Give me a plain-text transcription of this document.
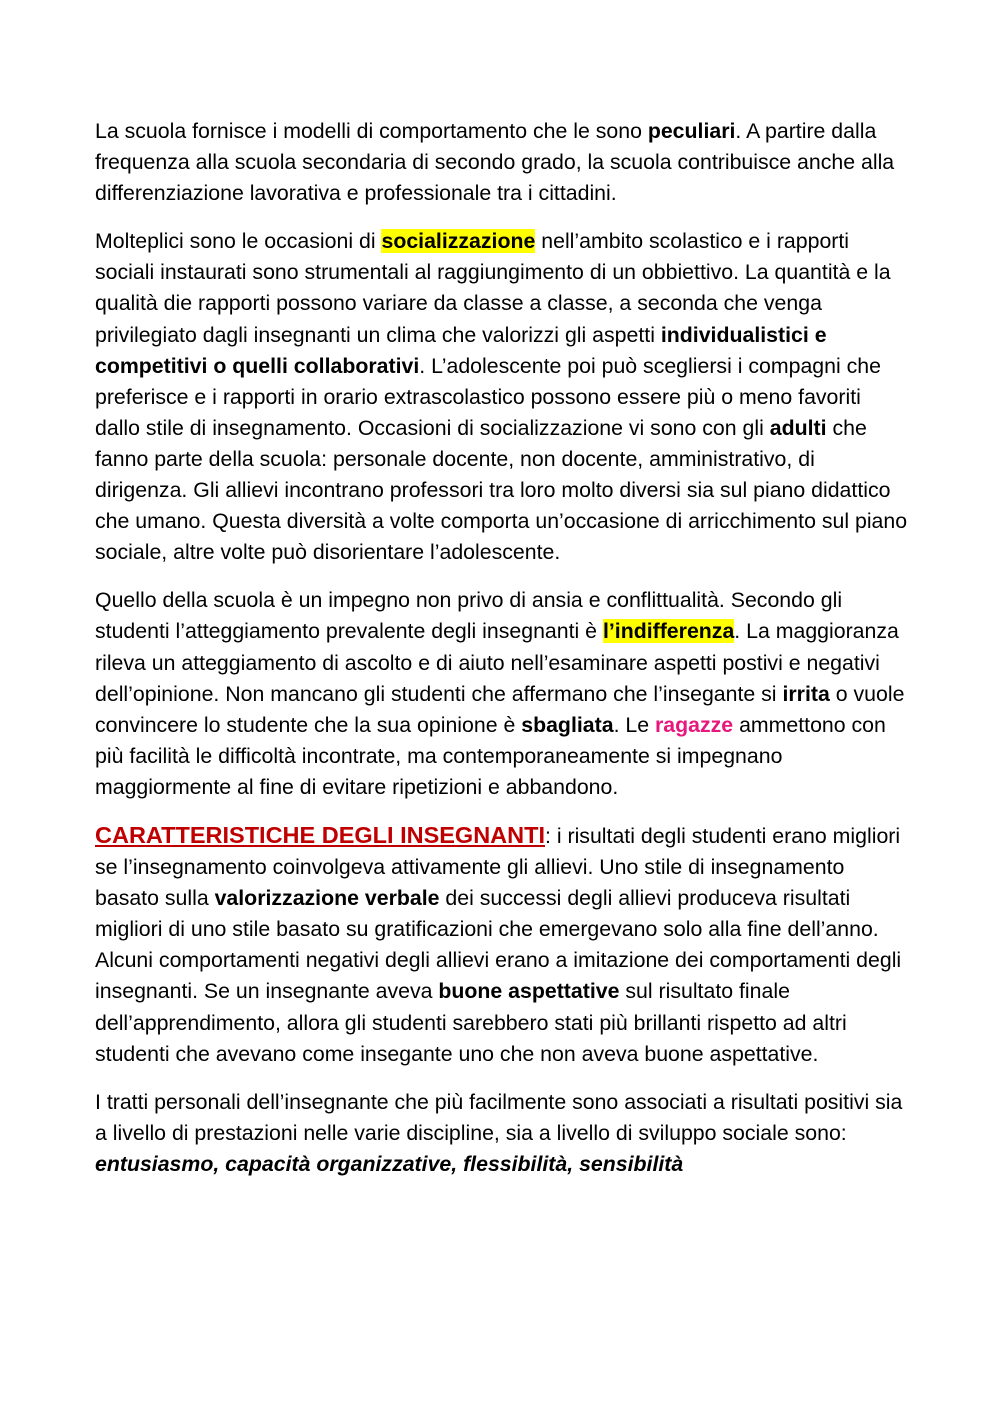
La scuola fornisce i modelli di comportamento che le sono peculiari. A partire dalla frequenza alla scuola secondaria di secondo grado, la scuola contribuisce anche alla differenziazione lavorativa e professionale tra i cittadini.

Molteplici sono le occasioni di socializzazione nell’ambito scolastico e i rapporti sociali instaurati sono strumentali al raggiungimento di un obbiettivo. La quantità e la qualità die rapporti possono variare da classe a classe, a seconda che venga privilegiato dagli insegnanti un clima che valorizzi gli aspetti individualistici e competitivi o quelli collaborativi. L’adolescente poi può scegliersi i compagni che preferisce e i rapporti in orario extrascolastico possono essere più o meno favoriti dallo stile di insegnamento. Occasioni di socializzazione vi sono con gli adulti che fanno parte della scuola: personale docente, non docente, amministrativo, di dirigenza. Gli allievi incontrano professori tra loro molto diversi sia sul piano didattico che umano. Questa diversità a volte comporta un’occasione di arricchimento sul piano sociale, altre volte può disorientare l’adolescente.

Quello della scuola è un impegno non privo di ansia e conflittualità. Secondo gli studenti l’atteggiamento prevalente degli insegnanti è l’indifferenza. La maggioranza rileva un atteggiamento di ascolto e di aiuto nell’esaminare aspetti postivi e negativi dell’opinione. Non mancano gli studenti che affermano che l’insegante si irrita o vuole convincere lo studente che la sua opinione è sbagliata. Le ragazze ammettono con più facilità le difficoltà incontrate, ma contemporaneamente si impegnano maggiormente al fine di evitare ripetizioni e abbandono.

CARATTERISTICHE DEGLI INSEGNANTI: i risultati degli studenti erano migliori se l’insegnamento coinvolgeva attivamente gli allievi. Uno stile di insegnamento basato sulla valorizzazione verbale dei successi degli allievi produceva risultati migliori di uno stile basato su gratificazioni che emergevano solo alla fine dell’anno. Alcuni comportamenti negativi degli allievi erano a imitazione dei comportamenti degli insegnanti. Se un insegnante aveva buone aspettative sul risultato finale dell’apprendimento, allora gli studenti sarebbero stati più brillanti rispetto ad altri studenti che avevano come insegante uno che non aveva buone aspettative.

I tratti personali dell’insegnante che più facilmente sono associati a risultati positivi sia a livello di prestazioni nelle varie discipline, sia a livello di sviluppo sociale sono: entusiasmo, capacità organizzative, flessibilità, sensibilità
